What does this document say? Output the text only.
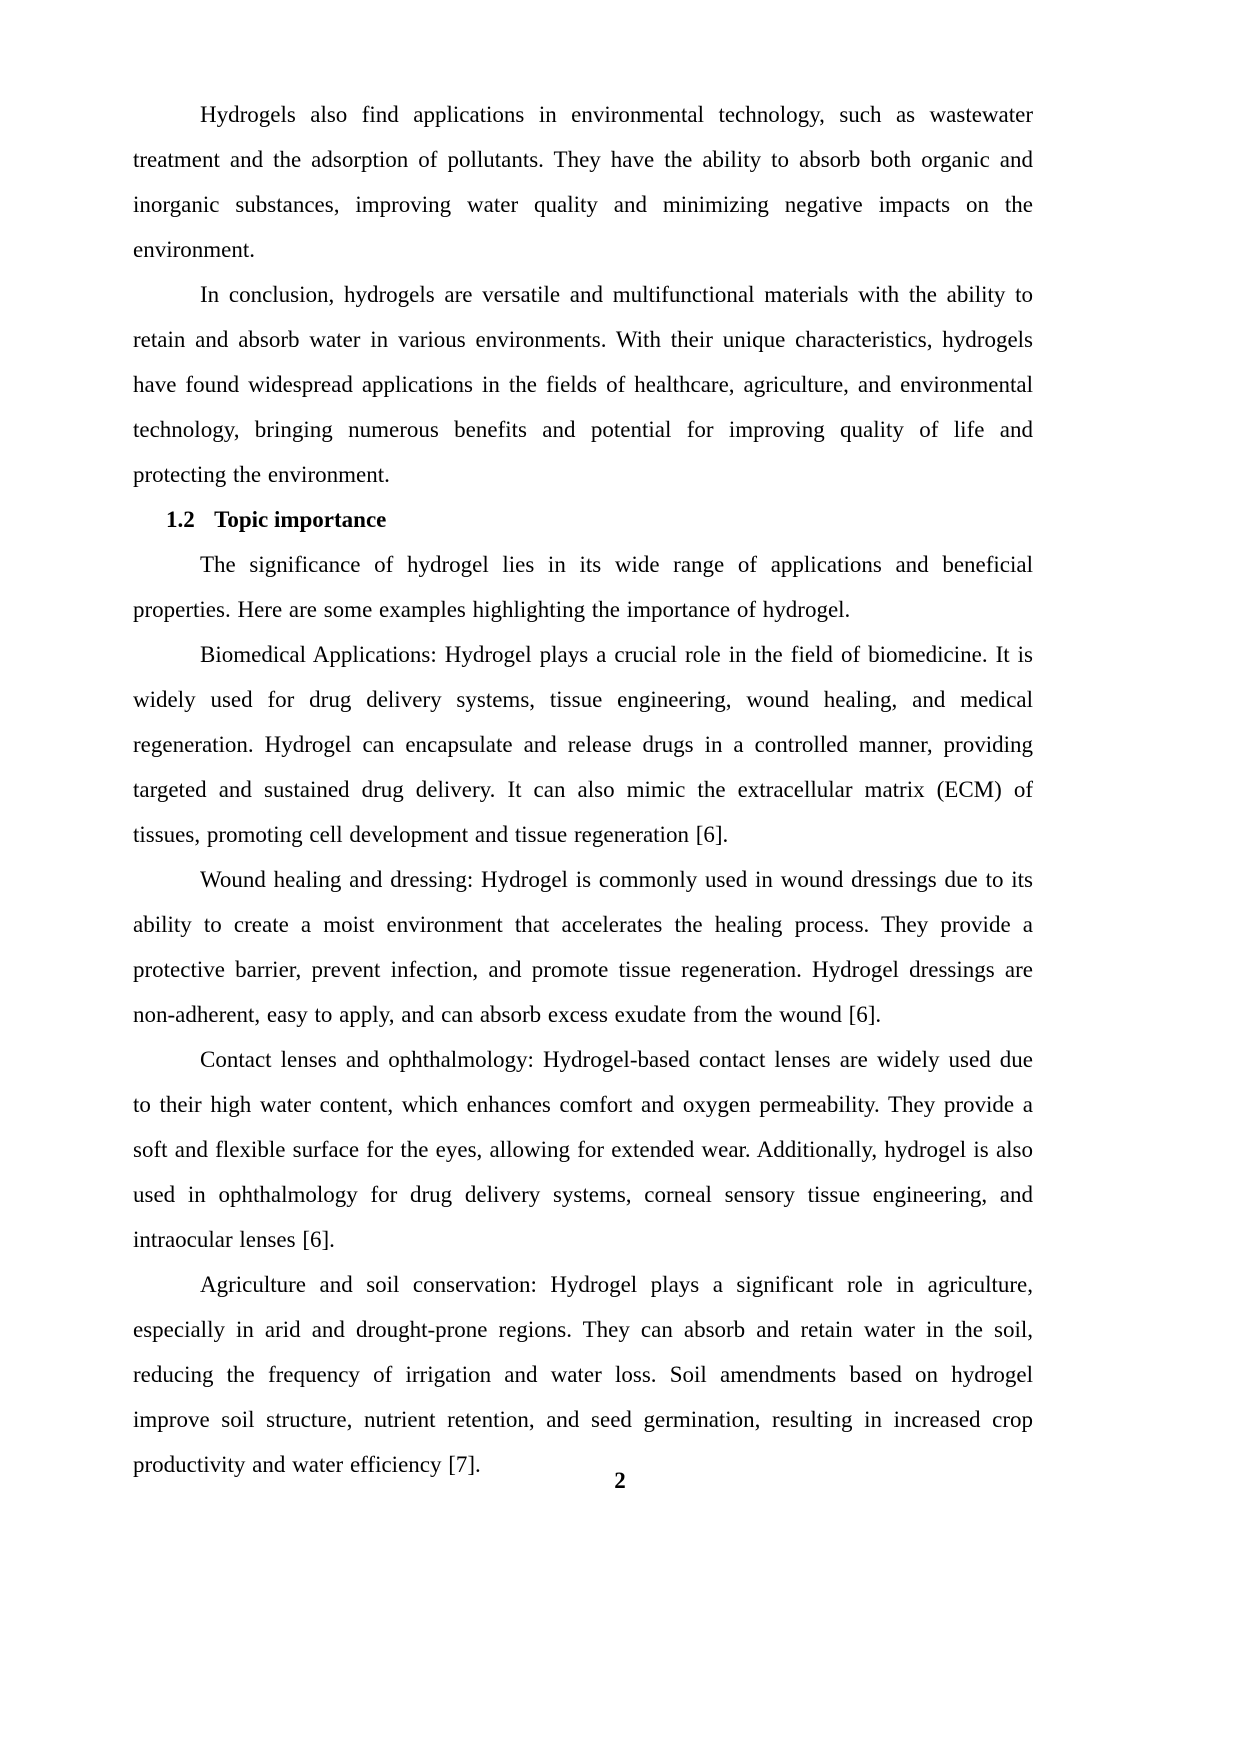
Hydrogels also find applications in environmental technology, such as wastewater treatment and the adsorption of pollutants. They have the ability to absorb both organic and inorganic substances, improving water quality and minimizing negative impacts on the environment.

In conclusion, hydrogels are versatile and multifunctional materials with the ability to retain and absorb water in various environments. With their unique characteristics, hydrogels have found widespread applications in the fields of healthcare, agriculture, and environmental technology, bringing numerous benefits and potential for improving quality of life and protecting the environment.

1.2 Topic importance

The significance of hydrogel lies in its wide range of applications and beneficial properties. Here are some examples highlighting the importance of hydrogel.

Biomedical Applications: Hydrogel plays a crucial role in the field of biomedicine. It is widely used for drug delivery systems, tissue engineering, wound healing, and medical regeneration. Hydrogel can encapsulate and release drugs in a controlled manner, providing targeted and sustained drug delivery. It can also mimic the extracellular matrix (ECM) of tissues, promoting cell development and tissue regeneration [6].

Wound healing and dressing: Hydrogel is commonly used in wound dressings due to its ability to create a moist environment that accelerates the healing process. They provide a protective barrier, prevent infection, and promote tissue regeneration. Hydrogel dressings are non-adherent, easy to apply, and can absorb excess exudate from the wound [6].

Contact lenses and ophthalmology: Hydrogel-based contact lenses are widely used due to their high water content, which enhances comfort and oxygen permeability. They provide a soft and flexible surface for the eyes, allowing for extended wear. Additionally, hydrogel is also used in ophthalmology for drug delivery systems, corneal sensory tissue engineering, and intraocular lenses [6].

Agriculture and soil conservation: Hydrogel plays a significant role in agriculture, especially in arid and drought-prone regions. They can absorb and retain water in the soil, reducing the frequency of irrigation and water loss. Soil amendments based on hydrogel improve soil structure, nutrient retention, and seed germination, resulting in increased crop productivity and water efficiency [7].

2
